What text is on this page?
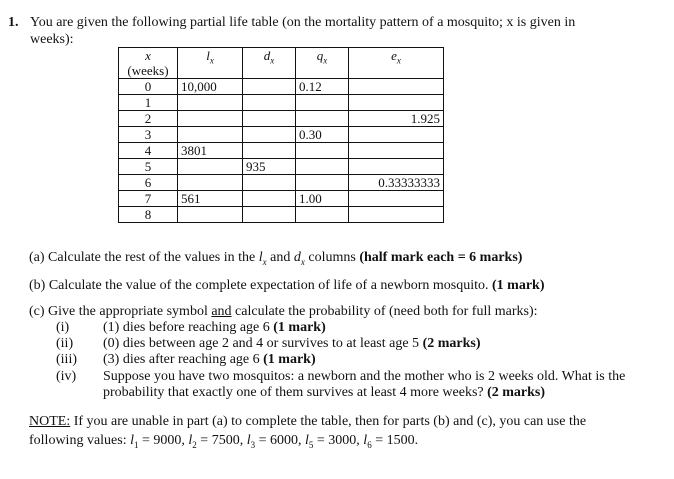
1. You are given the following partial life table (on the mortality pattern of a mosquito; x is given in
weeks):
x
(weeks)	$l_x$	$d_x$	$q_x$	$e_x$
0	10,000		0.12	
1				
2				1.925
3			0.30	
4	3801			
5		935		
6				0.33333333
7	561		1.00	
8				
(a) Calculate the rest of the values in the $l_x$ and $d_x$ columns (half mark each = 6 marks)
(b) Calculate the value of the complete expectation of life of a newborn mosquito. (1 mark)
(c) Give the appropriate symbol and calculate the probability of (need both for full marks):
(i) (1) dies before reaching age 6 (1 mark)
(ii) (0) dies between age 2 and 4 or survives to at least age 5 (2 marks)
(iii) (3) dies after reaching age 6 (1 mark)
(iv) Suppose you have two mosquitos: a newborn and the mother who is 2 weeks old. What is the probability that exactly one of them survives at least 4 more weeks? (2 marks)
NOTE: If you are unable in part (a) to complete the table, then for parts (b) and (c), you can use the
following values: $l_1 = 9000$, $l_2 = 7500$, $l_3 = 6000$, $l_5 = 3000$, $l_6 = 1500$.
